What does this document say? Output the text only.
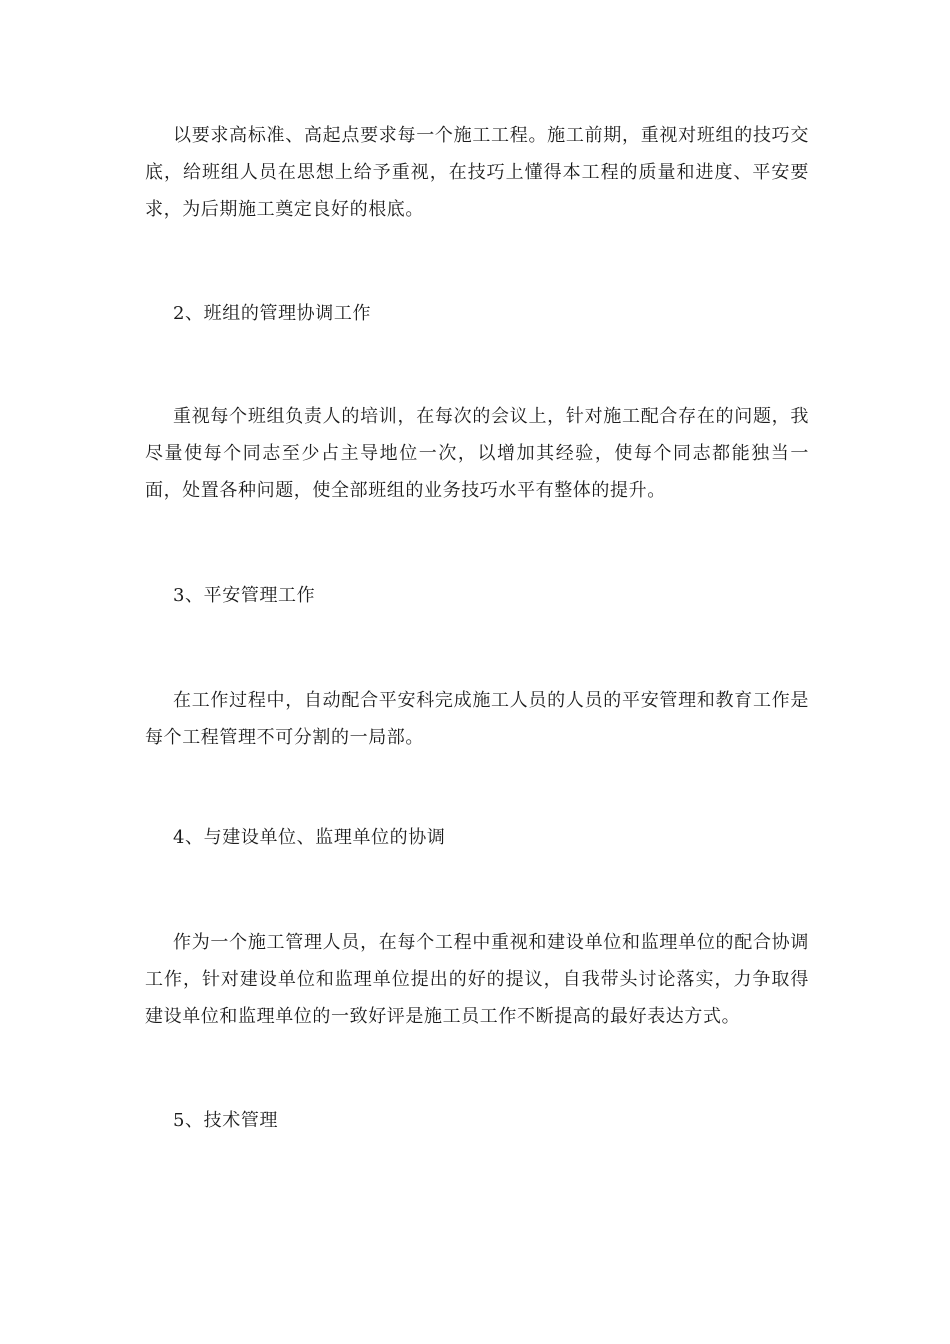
以要求高标准、高起点要求每一个施工工程。施工前期，重视对班组的技巧交底，给班组人员在思想上给予重视，在技巧上懂得本工程的质量和进度、平安要求，为后期施工奠定良好的根底。

2、班组的管理协调工作

重视每个班组负责人的培训，在每次的会议上，针对施工配合存在的问题，我尽量使每个同志至少占主导地位一次，以增加其经验，使每个同志都能独当一面，处置各种问题，使全部班组的业务技巧水平有整体的提升。

3、平安管理工作

在工作过程中，自动配合平安科完成施工人员的人员的平安管理和教育工作是每个工程管理不可分割的一局部。

4、与建设单位、监理单位的协调

作为一个施工管理人员，在每个工程中重视和建设单位和监理单位的配合协调工作，针对建设单位和监理单位提出的好的提议，自我带头讨论落实，力争取得建设单位和监理单位的一致好评是施工员工作不断提高的最好表达方式。

5、技术管理
